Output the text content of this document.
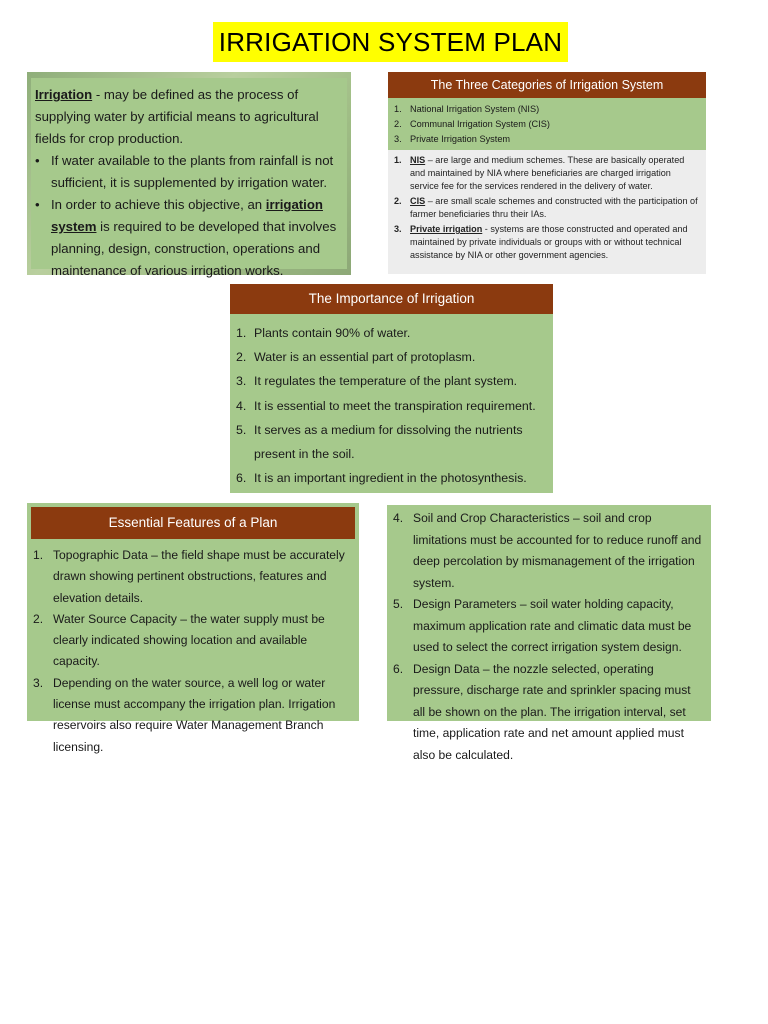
IRRIGATION SYSTEM PLAN
Irrigation - may be defined as the process of supplying water by artificial means to agricultural fields for crop production.
• If water available to the plants from rainfall is not sufficient, it is supplemented by irrigation water.
• In order to achieve this objective, an irrigation system is required to be developed that involves planning, design, construction, operations and maintenance of various irrigation works.
The Three Categories of Irrigation System
1. National Irrigation System (NIS)
2. Communal Irrigation System (CIS)
3. Private Irrigation System
1. NIS – are large and medium schemes. These are basically operated and maintained by NIA where beneficiaries are charged irrigation service fee for the services rendered in the delivery of water.
2. CIS – are small scale schemes and constructed with the participation of farmer beneficiaries thru their IAs.
3. Private irrigation - systems are those constructed and operated and maintained by private individuals or groups with or without technical assistance by NIA or other government agencies.
The Importance of Irrigation
1. Plants contain 90% of water.
2. Water is an essential part of protoplasm.
3. It regulates the temperature of the plant system.
4. It is essential to meet the transpiration requirement.
5. It serves as a medium for dissolving the nutrients present in the soil.
6. It is an important ingredient in the photosynthesis.
Essential Features of a Plan
1. Topographic Data – the field shape must be accurately drawn showing pertinent obstructions, features and elevation details.
2. Water Source Capacity – the water supply must be clearly indicated showing location and available capacity.
3. Depending on the water source, a well log or water license must accompany the irrigation plan. Irrigation reservoirs also require Water Management Branch licensing.
4. Soil and Crop Characteristics – soil and crop limitations must be accounted for to reduce runoff and deep percolation by mismanagement of the irrigation system.
5. Design Parameters – soil water holding capacity, maximum application rate and climatic data must be used to select the correct irrigation system design.
6. Design Data – the nozzle selected, operating pressure, discharge rate and sprinkler spacing must all be shown on the plan. The irrigation interval, set time, application rate and net amount applied must also be calculated.
